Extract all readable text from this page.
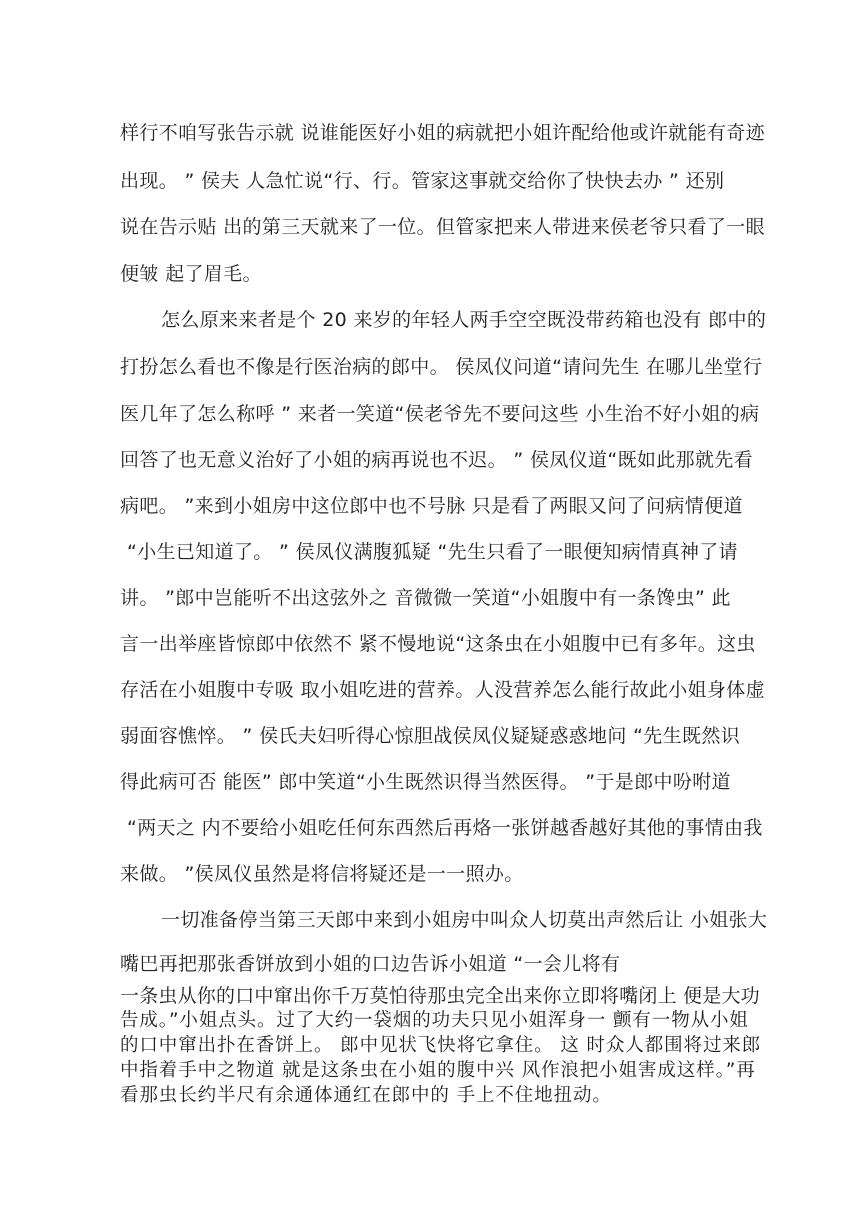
样行不咱写张告示就 说谁能医好小姐的病就把小姐许配给他或许就能有奇迹
出现。 ” 侯夫 人急忙说“行、行。管家这事就交给你了快快去办 ” 还别
说在告示贴 出的第三天就来了一位。但管家把来人带进来侯老爷只看了一眼
便皱 起了眉毛。
怎么原来来者是个 20 来岁的年轻人两手空空既没带药箱也没有 郎中的
打扮怎么看也不像是行医治病的郎中。 侯凤仪问道“请问先生 在哪儿坐堂行
医几年了怎么称呼 ” 来者一笑道“侯老爷先不要问这些 小生治不好小姐的病
回答了也无意义治好了小姐的病再说也不迟。 ” 侯凤仪道“既如此那就先看
病吧。 ”来到小姐房中这位郎中也不号脉 只是看了两眼又问了问病情便道
“小生已知道了。 ” 侯凤仪满腹狐疑 “先生只看了一眼便知病情真神了请
讲。 ”郎中岂能听不出这弦外之 音微微一笑道“小姐腹中有一条馋虫” 此
言一出举座皆惊郎中依然不 紧不慢地说“这条虫在小姐腹中已有多年。这虫
存活在小姐腹中专吸 取小姐吃进的营养。人没营养怎么能行故此小姐身体虚
弱面容憔悴。 ” 侯氏夫妇听得心惊胆战侯凤仪疑疑惑惑地问 “先生既然识
得此病可否 能医” 郎中笑道“小生既然识得当然医得。 ”于是郎中吩咐道
“两天之 内不要给小姐吃任何东西然后再烙一张饼越香越好其他的事情由我
来做。 ”侯凤仪虽然是将信将疑还是一一照办。
一切准备停当第三天郎中来到小姐房中叫众人切莫出声然后让 小姐张大
嘴巴再把那张香饼放到小姐的口边告诉小姐道 “一会儿将有
一条虫从你的口中窜出你千万莫怕待那虫完全出来你立即将嘴闭上 便是大功
告成。”小姐点头。过了大约一袋烟的功夫只见小姐浑身一 颤有一物从小姐
的口中窜出扑在香饼上。 郎中见状飞快将它拿住。 这 时众人都围将过来郎
中指着手中之物道 就是这条虫在小姐的腹中兴 风作浪把小姐害成这样。”再
看那虫长约半尺有余通体通红在郎中的 手上不住地扭动。
